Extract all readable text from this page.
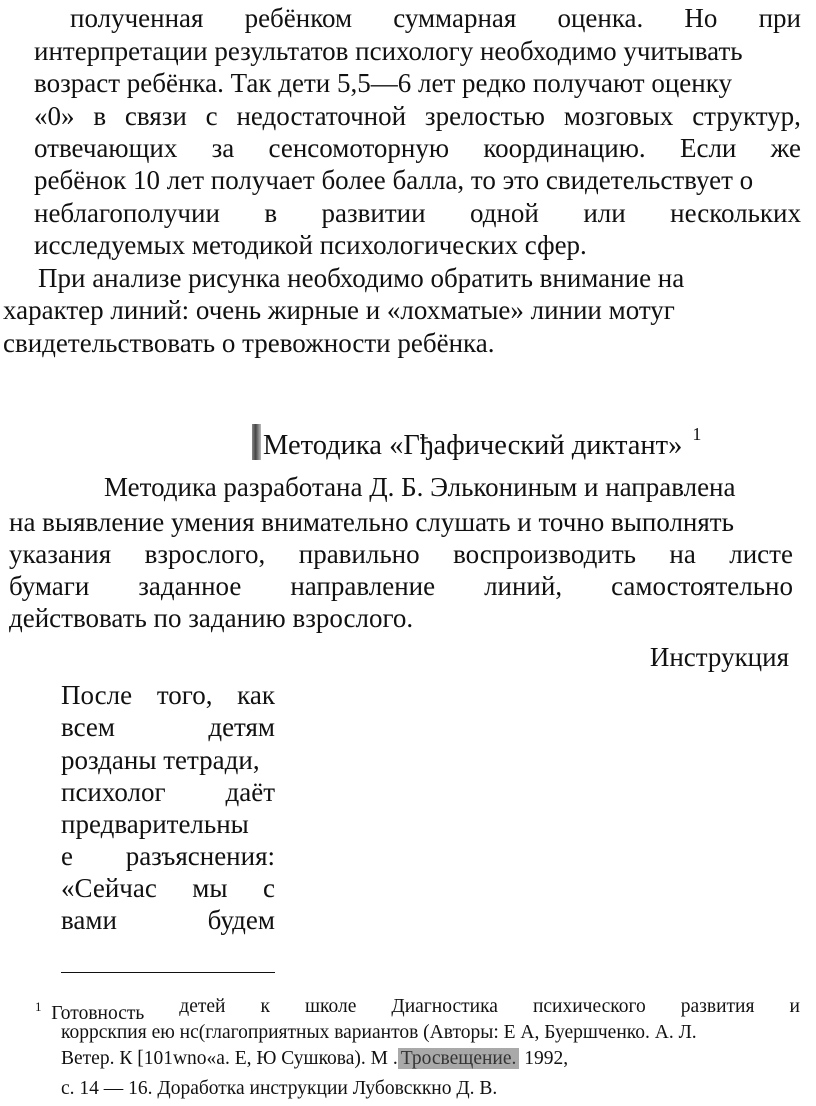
полученная ребёнком суммарная оценка. Но при
интерпретации результатов психологу необходимо учитывать
возраст ребёнка. Так дети 5,5—6 лет редко получают оценку
«0» в связи с недостаточной зрелостью мозговых структур,
отвечающих за сенсомоторную координацию. Если же
ребёнок 10 лет получает более балла, то это свидетельствует о
неблагополучии в развитии одной или нескольких
исследуемых методикой психологических сфер.
При анализе рисунка необходимо обратить внимание на
характер линий: очень жирные и «лохматые» линии мотуг
свидетельствовать о тревожности ребёнка.
Методика «Гђафический диктант» $^1$
Методика разработана Д. Б. Элькониным и направлена
на выявление умения внимательно слушать и точно выполнять
указания взрослого, правильно воспроизводить на листе
бумаги заданное направление линий, самостоятельно
действовать по заданию взрослого.
Инструкция
После того, как
всем	детям
розданы тетради,
психолог даёт
предварительны
е разъяснения:
«Сейчас мы с
вами	будем
$^1$ Готовность детей к школе Диагностика психического развития и
коррскпия ею нс(глагоприятных вариантов (Авторы: Е А, Буершченко. А. Л.
Ветер. К [101wno«a. Е, Ю Сушкова). М . Тросвещение. 1992,
с. 14 — 16. Доработка инструкции Лубовсккно Д. В.
